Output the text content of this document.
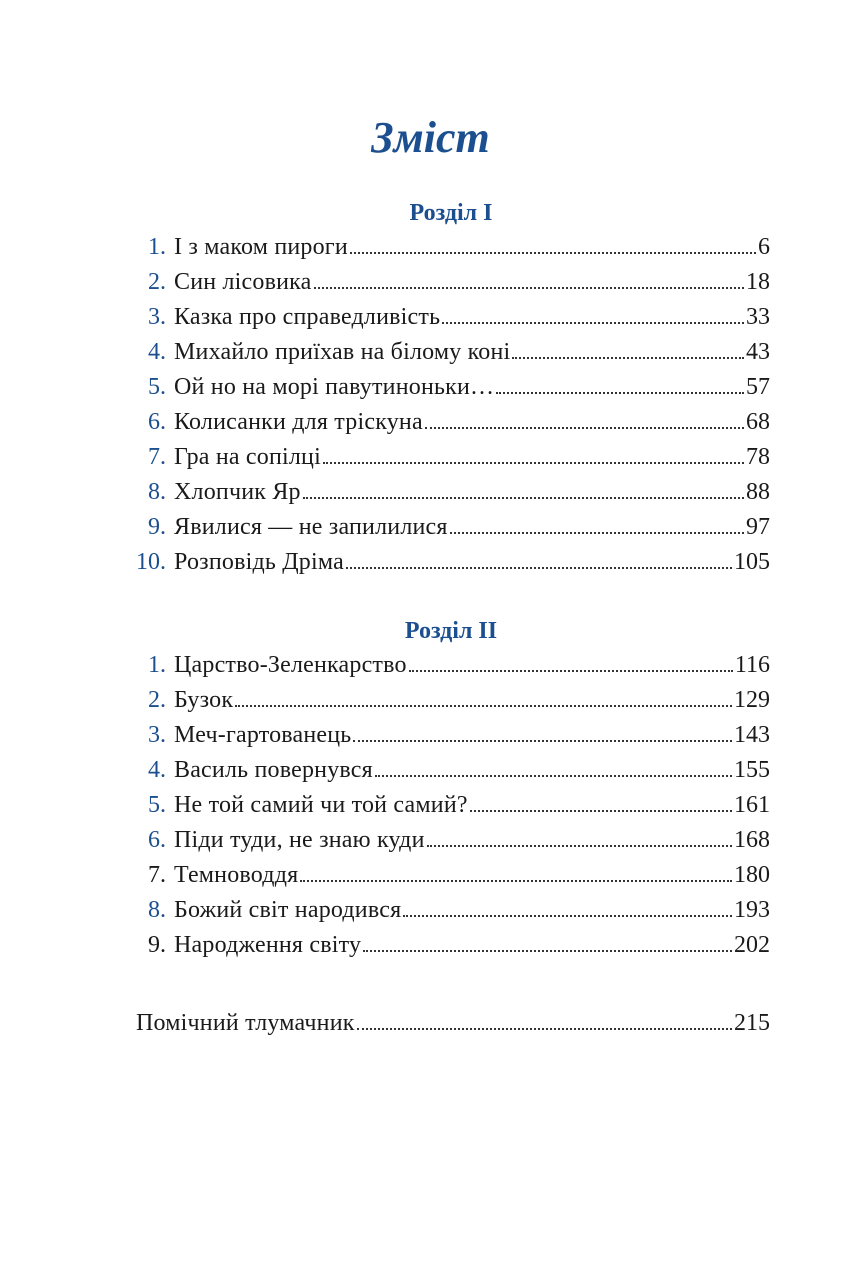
Зміст
Розділ I
1. І з маком пироги	6
2. Син лісовика	18
3. Казка про справедливість	33
4. Михайло приїхав на білому коні	43
5. Ой но на морі павутиноньки…	57
6. Колисанки для тріскуна	68
7. Гра на сопілці	78
8. Хлопчик Яр	88
9. Явилися — не запилилися	97
10. Розповідь Дріма	105
Розділ II
1. Царство-Зеленкарство	116
2. Бузок	129
3. Меч-гартованець	143
4. Василь повернувся	155
5. Не той самий чи той самий?	161
6. Піди туди, не знаю куди	168
7. Темноводдя	180
8. Божий світ народився	193
9. Народження світу	202
Помічний тлумачник	215
